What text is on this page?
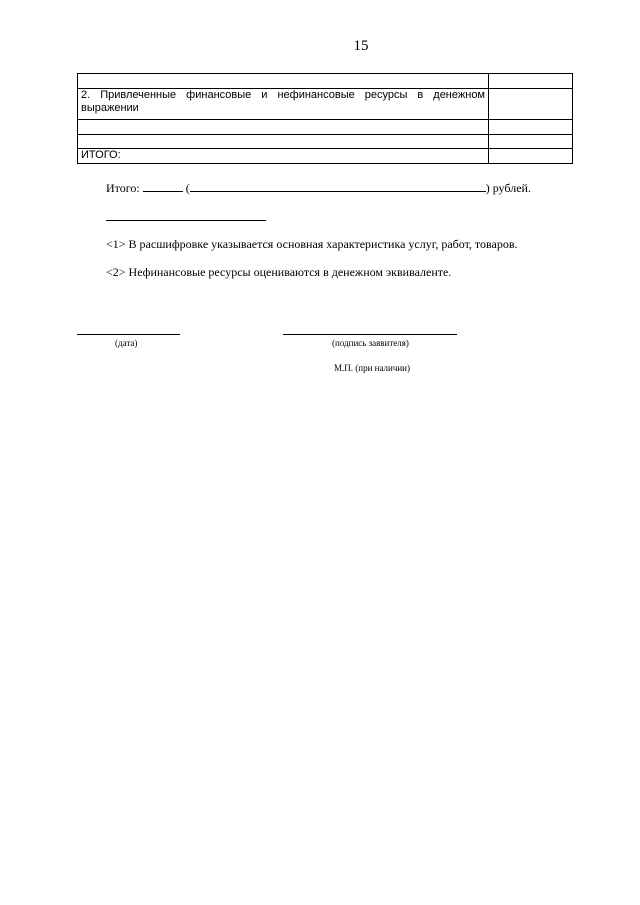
15

2. Привлеченные финансовые и нефинансовые ресурсы в денежном выражении	

ИТОГО:	
Итого:	(	) рублей.
<1> В расшифровке указывается основная характеристика услуг, работ, товаров.
<2> Нефинансовые ресурсы оцениваются в денежном эквиваленте.
(дата)	(подпись заявителя)
М.П. (при наличии)
